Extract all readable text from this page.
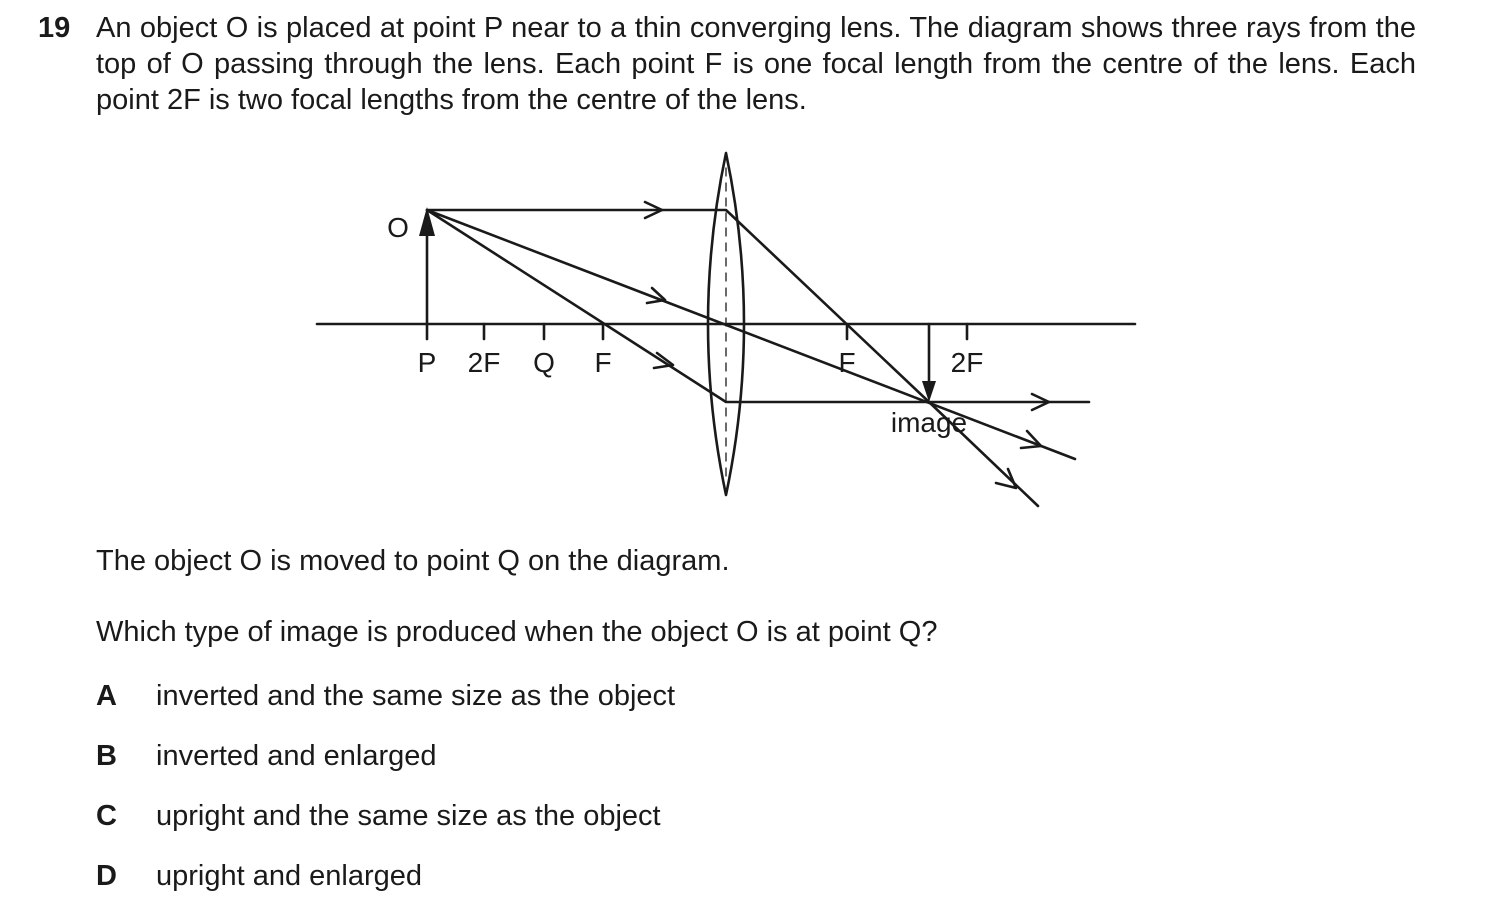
19 An object O is placed at point P near to a thin converging lens. The diagram shows three rays from the top of O passing through the lens. Each point F is one focal length from the centre of the lens. Each point 2F is two focal lengths from the centre of the lens.
O
P 2F Q F	F	2F
image
The object O is moved to point Q on the diagram.
Which type of image is produced when the object O is at point Q?
A inverted and the same size as the object
B inverted and enlarged
C upright and the same size as the object
D upright and enlarged
